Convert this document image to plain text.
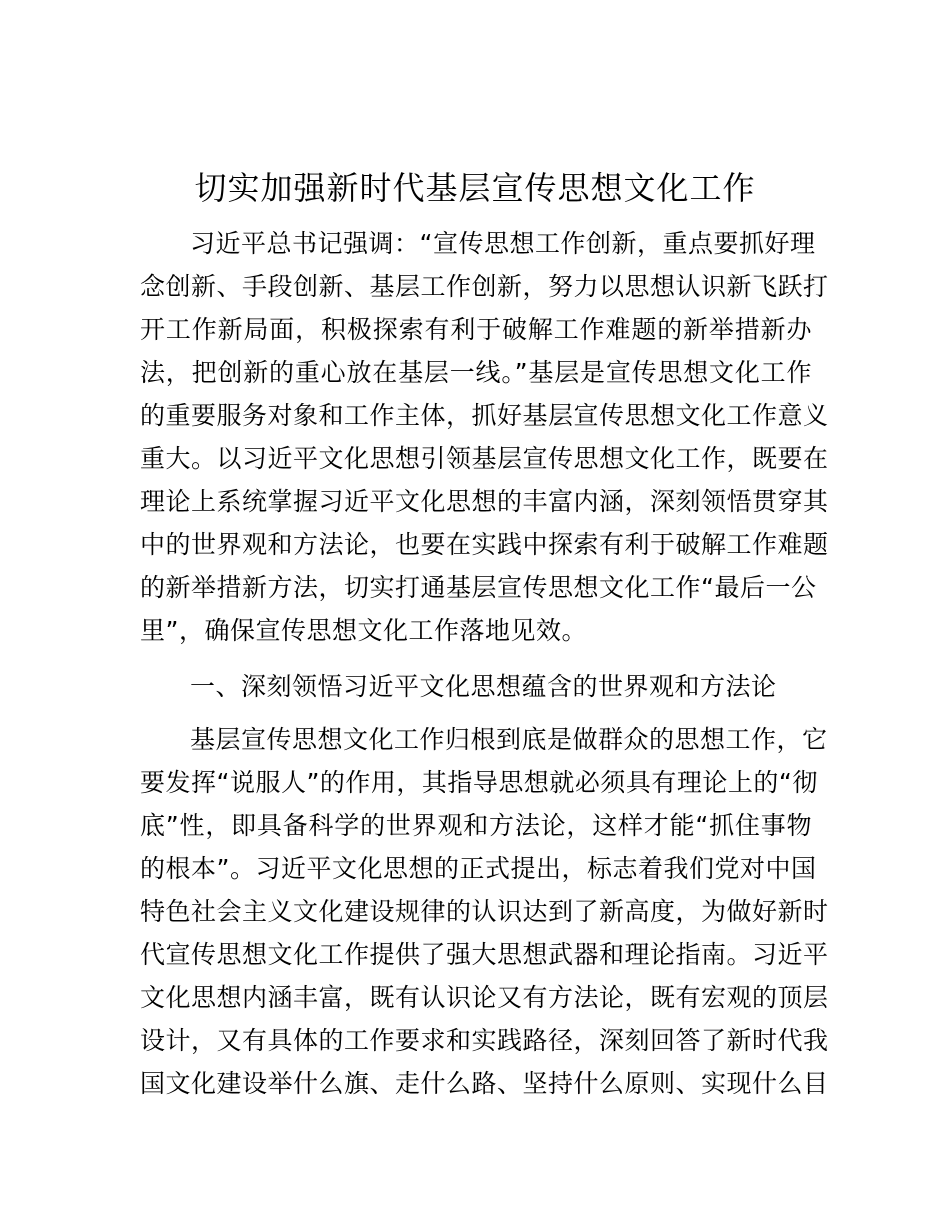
切实加强新时代基层宣传思想文化工作
习近平总书记强调：“宣传思想工作创新，重点要抓好理
念创新、手段创新、基层工作创新，努力以思想认识新飞跃打
开工作新局面，积极探索有利于破解工作难题的新举措新办
法，把创新的重心放在基层一线。”基层是宣传思想文化工作
的重要服务对象和工作主体，抓好基层宣传思想文化工作意义
重大。以习近平文化思想引领基层宣传思想文化工作，既要在
理论上系统掌握习近平文化思想的丰富内涵，深刻领悟贯穿其
中的世界观和方法论，也要在实践中探索有利于破解工作难题
的新举措新方法，切实打通基层宣传思想文化工作“最后一公
里”，确保宣传思想文化工作落地见效。
一、深刻领悟习近平文化思想蕴含的世界观和方法论
基层宣传思想文化工作归根到底是做群众的思想工作，它
要发挥“说服人”的作用，其指导思想就必须具有理论上的“彻
底”性，即具备科学的世界观和方法论，这样才能“抓住事物
的根本”。习近平文化思想的正式提出，标志着我们党对中国
特色社会主义文化建设规律的认识达到了新高度，为做好新时
代宣传思想文化工作提供了强大思想武器和理论指南。习近平
文化思想内涵丰富，既有认识论又有方法论，既有宏观的顶层
设计，又有具体的工作要求和实践路径，深刻回答了新时代我
国文化建设举什么旗、走什么路、坚持什么原则、实现什么目
